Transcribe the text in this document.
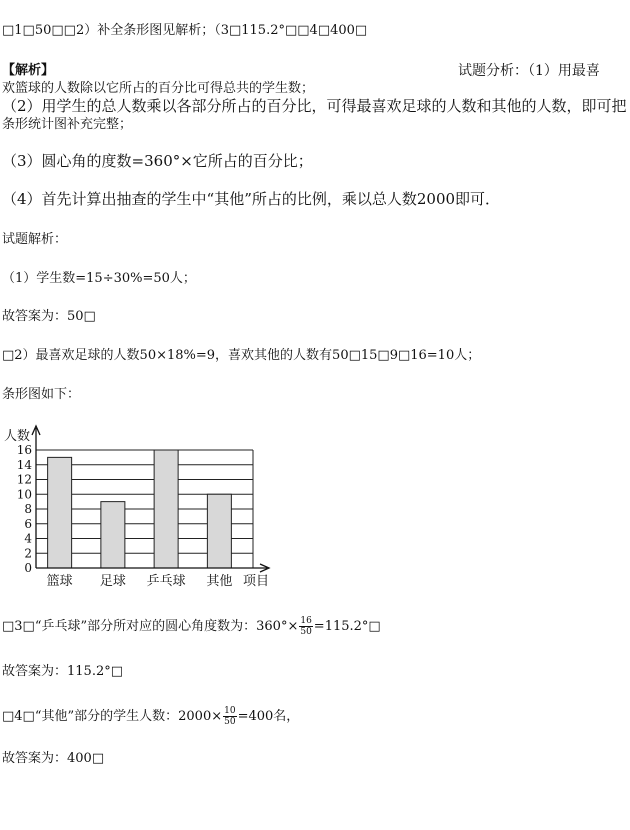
□1□50□□2）补全条形图见解析；（3□115.2°□□4□400□
【解析】	试题分析：（1）用最喜
欢篮球的人数除以它所占的百分比可得总共的学生数；
（2）用学生的总人数乘以各部分所占的百分比，可得最喜欢足球的人数和其他的人数，即可把
条形统计图补充完整；
（3）圆心角的度数=360°×它所占的百分比；
（4）首先计算出抽查的学生中“其他”所占的比例，乘以总人数2000即可．
试题解析：
（1）学生数=15÷30%=50人；
故答案为：50□
□2）最喜欢足球的人数50×18%=9，喜欢其他的人数有50□15□9□16=10人；
条形图如下：
0
2
4
6
8
10
12
14
16
篮球 足球 乒乓球 其他
人数
项目
□3□“乒乓球”部分所对应的圆心角度数为：$360^\circ\times \frac{16}{50}$ =115.2°□
故答案为：115.2°□
□4□“其他”部分的学生人数：$2000\times \frac{10}{50} =400$名，
故答案为：400□
